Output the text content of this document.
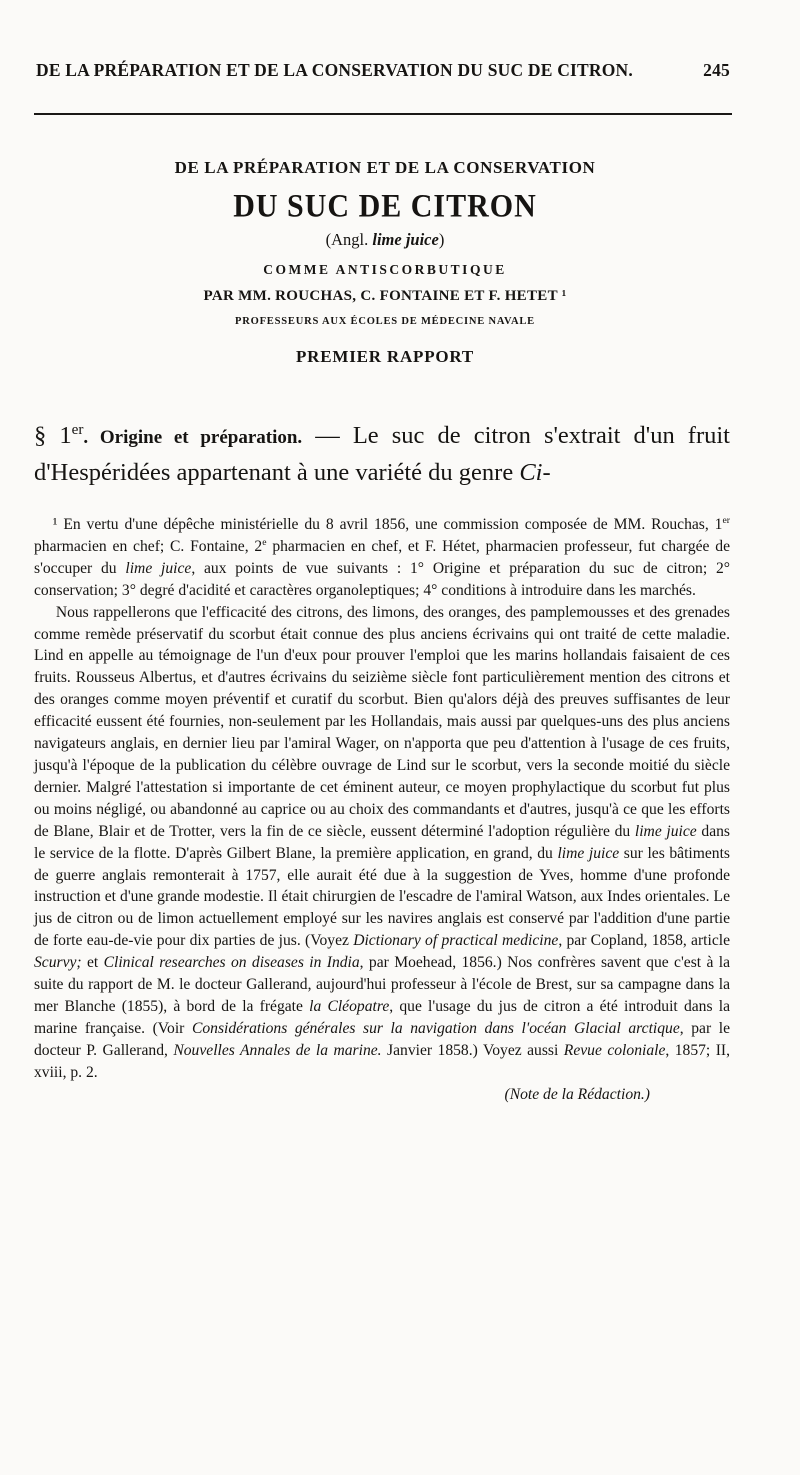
DE LA PRÉPARATION ET DE LA CONSERVATION DU SUC DE CITRON.	245
DE LA PRÉPARATION ET DE LA CONSERVATION
DU SUC DE CITRON
(Angl. lime juice)
COMME ANTISCORBUTIQUE
PAR MM. ROUCHAS, C. FONTAINE ET F. HETET ¹
PROFESSEURS AUX ÉCOLES DE MÉDECINE NAVALE
PREMIER RAPPORT
§ 1er. Origine et préparation. — Le suc de citron s'extrait d'un fruit d'Hespéridées appartenant à une variété du genre Ci-

¹ En vertu d'une dépêche ministérielle du 8 avril 1856, une commission composée de MM. Rouchas, 1er pharmacien en chef; C. Fontaine, 2e pharmacien en chef, et F. Hétet, pharmacien professeur, fut chargée de s'occuper du lime juice, aux points de vue suivants : 1° Origine et préparation du suc de citron; 2° conservation; 3° degré d'acidité et caractères organoleptiques; 4° conditions à introduire dans les marchés.

Nous rappellerons que l'efficacité des citrons, des limons, des oranges, des pamplemousses et des grenades comme remède préservatif du scorbut était connue des plus anciens écrivains qui ont traité de cette maladie. Lind en appelle au témoignage de l'un d'eux pour prouver l'emploi que les marins hollandais faisaient de ces fruits. Rousseus Albertus, et d'autres écrivains du seizième siècle font particulièrement mention des citrons et des oranges comme moyen préventif et curatif du scorbut. Bien qu'alors déjà des preuves suffisantes de leur efficacité eussent été fournies, non-seulement par les Hollandais, mais aussi par quelques-uns des plus anciens navigateurs anglais, en dernier lieu par l'amiral Wager, on n'apporta que peu d'attention à l'usage de ces fruits, jusqu'à l'époque de la publication du célèbre ouvrage de Lind sur le scorbut, vers la seconde moitié du siècle dernier. Malgré l'attestation si importante de cet éminent auteur, ce moyen prophylactique du scorbut fut plus ou moins négligé, ou abandonné au caprice ou au choix des commandants et d'autres, jusqu'à ce que les efforts de Blane, Blair et de Trotter, vers la fin de ce siècle, eussent déterminé l'adoption régulière du lime juice dans le service de la flotte. D'après Gilbert Blane, la première application, en grand, du lime juice sur les bâtiments de guerre anglais remonterait à 1757, elle aurait été due à la suggestion de Yves, homme d'une profonde instruction et d'une grande modestie. Il était chirurgien de l'escadre de l'amiral Watson, aux Indes orientales. Le jus de citron ou de limon actuellement employé sur les navires anglais est conservé par l'addition d'une partie de forte eau-de-vie pour dix parties de jus. (Voyez Dictionary of practical medicine, par Copland, 1858, article Scurvy; et Clinical researches on diseases in India, par Moehead, 1856.) Nos confrères savent que c'est à la suite du rapport de M. le docteur Gallerand, aujourd'hui professeur à l'école de Brest, sur sa campagne dans la mer Blanche (1855), à bord de la frégate la Cléopatre, que l'usage du jus de citron a été introduit dans la marine française. (Voir Considérations générales sur la navigation dans l'océan Glacial arctique, par le docteur P. Gallerand, Nouvelles Annales de la marine. Janvier 1858.) Voyez aussi Revue coloniale, 1857; II, xviii, p. 2.

(Note de la Rédaction.)
